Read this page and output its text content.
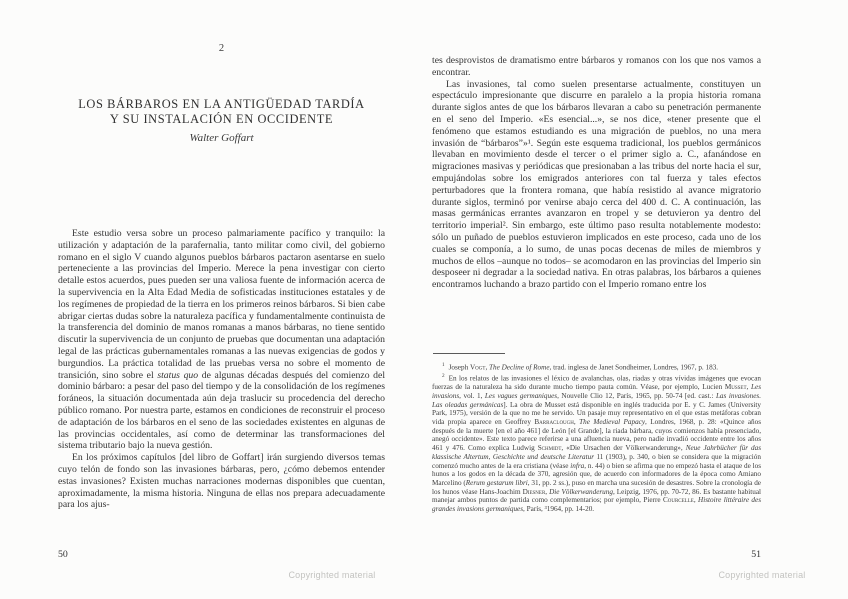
2
LOS BÁRBAROS EN LA ANTIGÜEDAD TARDÍA
Y SU INSTALACIÓN EN OCCIDENTE
Walter Goffart

Este estudio versa sobre un proceso palmariamente pacífico y tranquilo: la utilización y adaptación de la parafernalia, tanto militar como civil, del gobierno romano en el siglo V cuando algunos pueblos bárbaros pactaron asentarse en suelo perteneciente a las provincias del Imperio. Merece la pena investigar con cierto detalle estos acuerdos, pues pueden ser una valiosa fuente de información acerca de la supervivencia en la Alta Edad Media de sofisticadas instituciones estatales y de los regímenes de propiedad de la tierra en los primeros reinos bárbaros. Si bien cabe abrigar ciertas dudas sobre la naturaleza pacífica y fundamentalmente continuista de la transferencia del dominio de manos romanas a manos bárbaras, no tiene sentido discutir la supervivencia de un conjunto de pruebas que documentan una adaptación legal de las prácticas gubernamentales romanas a las nuevas exigencias de godos y burgundios. La práctica totalidad de las pruebas versa no sobre el momento de transición, sino sobre el status quo de algunas décadas después del comienzo del dominio bárbaro: a pesar del paso del tiempo y de la consolidación de los regímenes foráneos, la situación documentada aún deja traslucir su procedencia del derecho público romano. Por nuestra parte, estamos en condiciones de reconstruir el proceso de adaptación de los bárbaros en el seno de las sociedades existentes en algunas de las provincias occidentales, así como de determinar las transformaciones del sistema tributario bajo la nueva gestión.

En los próximos capítulos [del libro de Goffart] irán surgiendo diversos temas cuyo telón de fondo son las invasiones bárbaras, pero, ¿cómo debemos entender estas invasiones? Existen muchas narraciones modernas disponibles que cuentan, aproximadamente, la misma historia. Ninguna de ellas nos prepara adecuadamente para los ajus-

50
Copyrighted material

tes desprovistos de dramatismo entre bárbaros y romanos con los que nos vamos a encontrar.

Las invasiones, tal como suelen presentarse actualmente, constituyen un espectáculo impresionante que discurre en paralelo a la propia historia romana durante siglos antes de que los bárbaros llevaran a cabo su penetración permanente en el seno del Imperio. «Es esencial...», se nos dice, «tener presente que el fenómeno que estamos estudiando es una migración de pueblos, no una mera invasión de “bárbaros”»¹. Según este esquema tradicional, los pueblos germánicos llevaban en movimiento desde el tercer o el primer siglo a. C., afanándose en migraciones masivas y periódicas que presionaban a las tribus del norte hacia el sur, empujándolas sobre los emigrados anteriores con tal fuerza y tales efectos perturbadores que la frontera romana, que había resistido al avance migratorio durante siglos, terminó por venirse abajo cerca del 400 d. C. A continuación, las masas germánicas errantes avanzaron en tropel y se detuvieron ya dentro del territorio imperial². Sin embargo, este último paso resulta notablemente modesto: sólo un puñado de pueblos estuvieron implicados en este proceso, cada uno de los cuales se componía, a lo sumo, de unas pocas decenas de miles de miembros y muchos de ellos –aunque no todos– se acomodaron en las provincias del Imperio sin desposeer ni degradar a la sociedad nativa. En otras palabras, los bárbaros a quienes encontramos luchando a brazo partido con el Imperio romano entre los

$^1$ Joseph Vogt, The Decline of Rome, trad. inglesa de Janet Sondheimer, Londres, 1967, p. 183.

$^2$ En los relatos de las invasiones el léxico de avalanchas, olas, riadas y otras vívidas imágenes que evocan fuerzas de la naturaleza ha sido durante mucho tiempo pauta común. Véase, por ejemplo, Lucien Musset, Les invasions, vol. 1, Les vagues germaniques, Nouvelle Clio 12, París, 1965, pp. 50-74 [ed. cast.: Las invasiones. Las oleadas germánicas]. La obra de Musset está disponible en inglés traducida por E. y C. James (University Park, 1975), versión de la que no me he servido. Un pasaje muy representativo en el que estas metáforas cobran vida propia aparece en Geoffrey Barraclough, The Medieval Papacy, Londres, 1968, p. 28: «Quince años después de la muerte [en el año 461] de León [el Grande], la riada bárbara, cuyos comienzos había presenciado, anegó occidente». Este texto parece referirse a una afluencia nueva, pero nadie invadió occidente entre los años 461 y 476. Como explica Ludwig Schmidt, «Die Ursachen der Völkerwanderung», Neue Jahrbücher für das klassische Altertum, Geschichte und deutsche Literatur 11 (1903), p. 340, o bien se considera que la migración comenzó mucho antes de la era cristiana (véase infra, n. 44) o bien se afirma que no empezó hasta el ataque de los hunos a los godos en la década de 370, agresión que, de acuerdo con informadores de la época como Amiano Marcelino (Rerum gestarum libri, 31, pp. 2 ss.), puso en marcha una sucesión de desastres. Sobre la cronología de los hunos véase Hans-Joachim Diesner, Die Völkerwanderung, Leipzig, 1976, pp. 70-72, 86. Es bastante habitual manejar ambos puntos de partida como complementarios; por ejemplo, Pierre Courcelle, Histoire littéraire des grandes invasions germaniques, París, ³1964, pp. 14-20.

51
Copyrighted material
